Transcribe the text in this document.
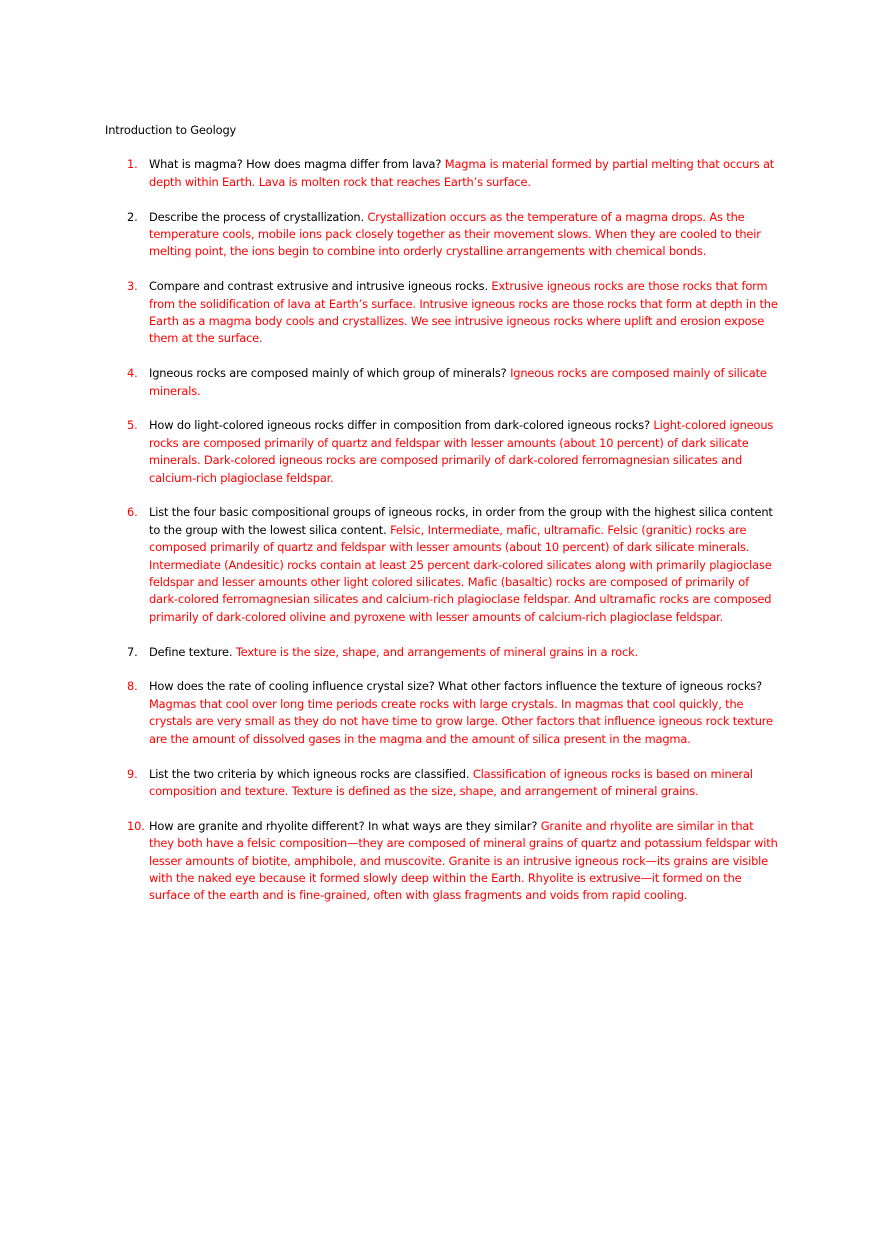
Introduction to Geology
1. What is magma? How does magma differ from lava? Magma is material formed by partial melting that occurs at depth within Earth. Lava is molten rock that reaches Earth’s surface.
2. Describe the process of crystallization. Crystallization occurs as the temperature of a magma drops. As the temperature cools, mobile ions pack closely together as their movement slows. When they are cooled to their melting point, the ions begin to combine into orderly crystalline arrangements with chemical bonds.
3. Compare and contrast extrusive and intrusive igneous rocks. Extrusive igneous rocks are those rocks that form from the solidification of lava at Earth’s surface. Intrusive igneous rocks are those rocks that form at depth in the Earth as a magma body cools and crystallizes. We see intrusive igneous rocks where uplift and erosion expose them at the surface.
4. Igneous rocks are composed mainly of which group of minerals? Igneous rocks are composed mainly of silicate minerals.
5. How do light-colored igneous rocks differ in composition from dark-colored igneous rocks? Light-colored igneous rocks are composed primarily of quartz and feldspar with lesser amounts (about 10 percent) of dark silicate minerals. Dark-colored igneous rocks are composed primarily of dark-colored ferromagnesian silicates and calcium-rich plagioclase feldspar.
6. List the four basic compositional groups of igneous rocks, in order from the group with the highest silica content to the group with the lowest silica content. Felsic, Intermediate, mafic, ultramafic. Felsic (granitic) rocks are composed primarily of quartz and feldspar with lesser amounts (about 10 percent) of dark silicate minerals. Intermediate (Andesitic) rocks contain at least 25 percent dark-colored silicates along with primarily plagioclase feldspar and lesser amounts other light colored silicates. Mafic (basaltic) rocks are composed of primarily of dark-colored ferromagnesian silicates and calcium-rich plagioclase feldspar. And ultramafic rocks are composed primarily of dark-colored olivine and pyroxene with lesser amounts of calcium-rich plagioclase feldspar.
7. Define texture. Texture is the size, shape, and arrangements of mineral grains in a rock.
8. How does the rate of cooling influence crystal size? What other factors influence the texture of igneous rocks? Magmas that cool over long time periods create rocks with large crystals. In magmas that cool quickly, the crystals are very small as they do not have time to grow large. Other factors that influence igneous rock texture are the amount of dissolved gases in the magma and the amount of silica present in the magma.
9. List the two criteria by which igneous rocks are classified. Classification of igneous rocks is based on mineral composition and texture. Texture is defined as the size, shape, and arrangement of mineral grains.
10. How are granite and rhyolite different? In what ways are they similar? Granite and rhyolite are similar in that they both have a felsic composition—they are composed of mineral grains of quartz and potassium feldspar with lesser amounts of biotite, amphibole, and muscovite. Granite is an intrusive igneous rock—its grains are visible with the naked eye because it formed slowly deep within the Earth. Rhyolite is extrusive—it formed on the surface of the earth and is fine-grained, often with glass fragments and voids from rapid cooling.
